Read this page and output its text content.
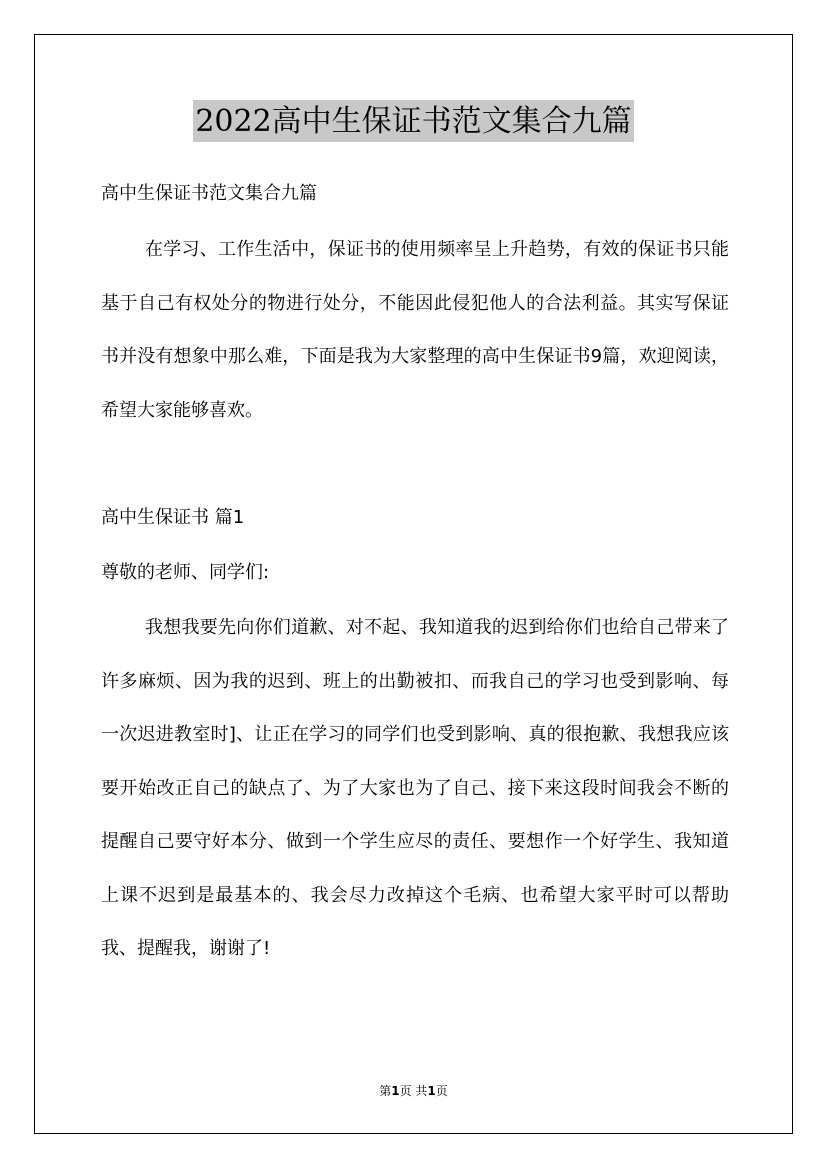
2022高中生保证书范文集合九篇

高中生保证书范文集合九篇

在学习、工作生活中，保证书的使用频率呈上升趋势，有效的保证书只能基于自己有权处分的物进行处分，不能因此侵犯他人的合法利益。其实写保证书并没有想象中那么难，下面是我为大家整理的高中生保证书9篇，欢迎阅读，希望大家能够喜欢。

高中生保证书 篇1

尊敬的老师、同学们:

我想我要先向你们道歉、对不起、我知道我的迟到给你们也给自己带来了许多麻烦、因为我的迟到、班上的出勤被扣、而我自己的学习也受到影响、每一次迟进教室时]、让正在学习的同学们也受到影响、真的很抱歉、我想我应该要开始改正自己的缺点了、为了大家也为了自己、接下来这段时间我会不断的提醒自己要守好本分、做到一个学生应尽的责任、要想作一个好学生、我知道上课不迟到是最基本的、我会尽力改掉这个毛病、也希望大家平时可以帮助我、提醒我，谢谢了!

第1页 共1页
